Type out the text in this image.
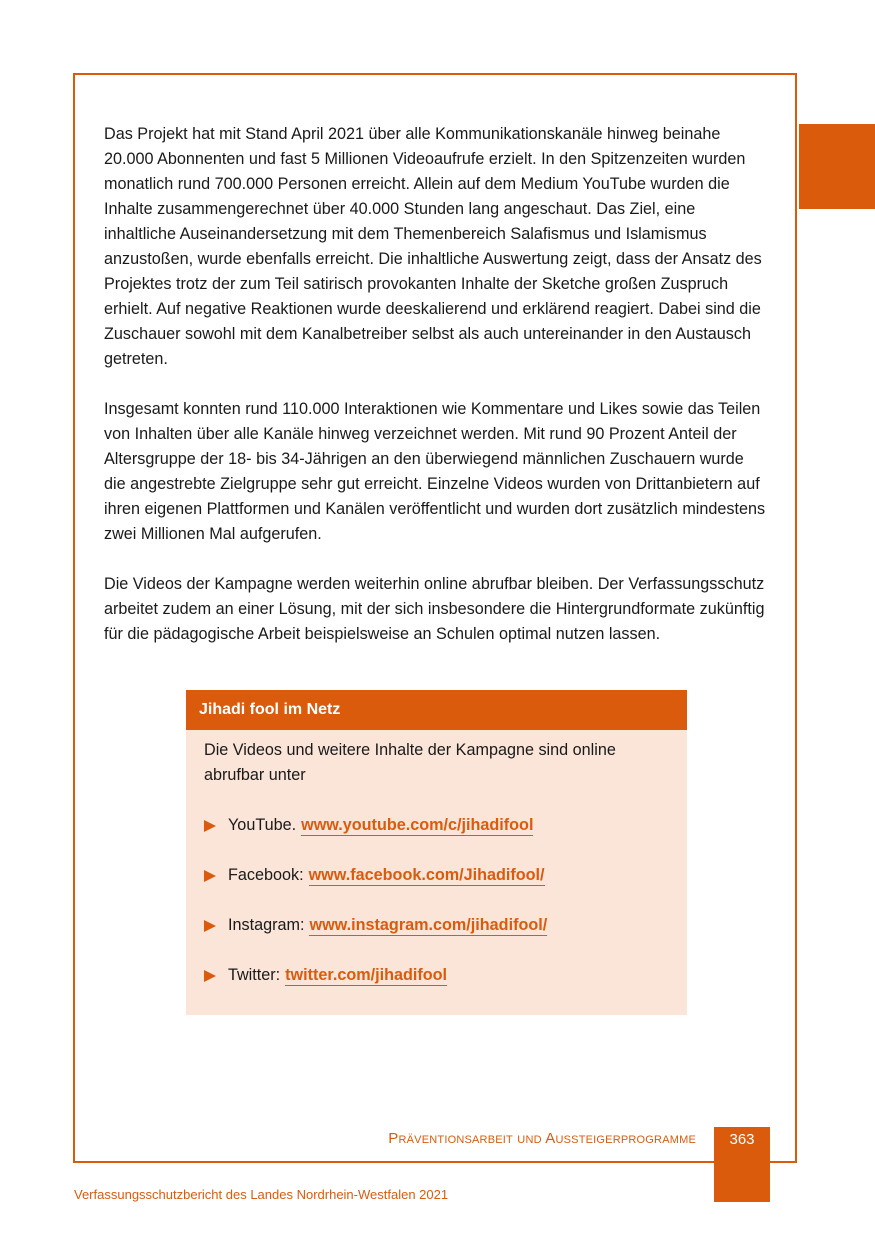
Das Projekt hat mit Stand April 2021 über alle Kommunikationskanäle hinweg beinahe 20.000 Abonnenten und fast 5 Millionen Videoaufrufe erzielt. In den Spitzenzeiten wurden monatlich rund 700.000 Personen erreicht. Allein auf dem Medium YouTube wurden die Inhalte zusammengerechnet über 40.000 Stunden lang angeschaut. Das Ziel, eine inhaltliche Auseinandersetzung mit dem Themenbereich Salafismus und Islamismus anzustoßen, wurde ebenfalls erreicht. Die inhaltliche Auswertung zeigt, dass der Ansatz des Projektes trotz der zum Teil satirisch provokanten Inhalte der Sketche großen Zuspruch erhielt. Auf negative Reaktionen wurde deeskalierend und erklärend reagiert. Dabei sind die Zuschauer sowohl mit dem Kanalbetreiber selbst als auch untereinander in den Austausch getreten.

Insgesamt konnten rund 110.000 Interaktionen wie Kommentare und Likes sowie das Teilen von Inhalten über alle Kanäle hinweg verzeichnet werden. Mit rund 90 Prozent Anteil der Altersgruppe der 18- bis 34-Jährigen an den überwiegend männlichen Zuschauern wurde die angestrebte Zielgruppe sehr gut erreicht. Einzelne Videos wurden von Drittanbietern auf ihren eigenen Plattformen und Kanälen veröffentlicht und wurden dort zusätzlich mindestens zwei Millionen Mal aufgerufen.

Die Videos der Kampagne werden weiterhin online abrufbar bleiben. Der Verfassungsschutz arbeitet zudem an einer Lösung, mit der sich insbesondere die Hintergrundformate zukünftig für die pädagogische Arbeit beispielsweise an Schulen optimal nutzen lassen.

Jihadi fool im Netz
Die Videos und weitere Inhalte der Kampagne sind online abrufbar unter
YouTube. www.youtube.com/c/jihadifool
Facebook: www.facebook.com/Jihadifool/
Instagram: www.instagram.com/jihadifool/
Twitter: twitter.com/jihadifool
Präventionsarbeit und Aussteigerprogramme	363
Verfassungsschutzbericht des Landes Nordrhein-Westfalen 2021
